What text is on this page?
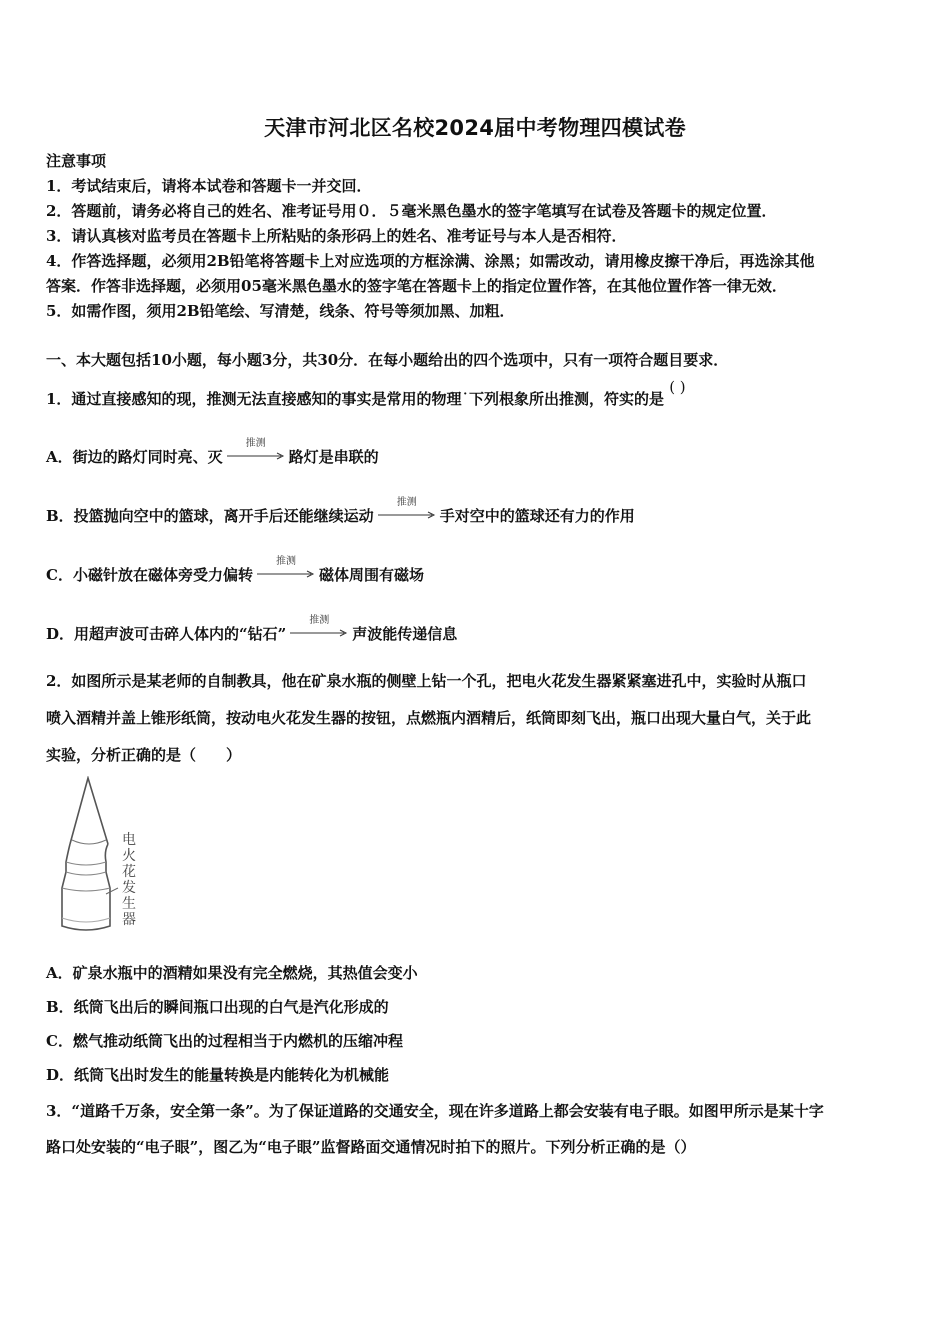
天津市河北区名校2024届中考物理四模试卷
注意事项
1．考试结束后，请将本试卷和答题卡一并交回．
2．答题前，请务必将自己的姓名、准考证号用０．５毫米黑色墨水的签字笔填写在试卷及答题卡的规定位置．
3．请认真核对监考员在答题卡上所粘贴的条形码上的姓名、准考证号与本人是否相符．
4．作答选择题，必须用2B铅笔将答题卡上对应选项的方框涂满、涂黑；如需改动，请用橡皮擦干净后，再选涂其他
答案．作答非选择题，必须用05毫米黑色墨水的签字笔在答题卡上的指定位置作答，在其他位置作答一律无效．
5．如需作图，须用2B铅笔绘、写清楚，线条、符号等须加黑、加粗．
一、本大题包括10小题，每小题3分，共30分．在每小题给出的四个选项中，只有一项符合题目要求．
1．通过直接感知的现，推测无法直接感知的事实是常用的物理˙下列根象所出推测，符实的是 ( )
A．街边的路灯同时亮、灭
推测
路灯是串联的
B．投篮抛向空中的篮球，离开手后还能继续运动
推测
手对空中的篮球还有力的作用
C．小磁针放在磁体旁受力偏转
推测
磁体周围有磁场
D．用超声波可击碎人体内的“钻石”
推测
声波能传递信息
2．如图所示是某老师的自制教具，他在矿泉水瓶的侧壁上钻一个孔，把电火花发生器紧紧塞进孔中，实验时从瓶口
喷入酒精并盖上锥形纸筒，按动电火花发生器的按钮，点燃瓶内酒精后，纸筒即刻飞出，瓶口出现大量白气，关于此
实验，分析正确的是（　　）
电火花发生器
A．矿泉水瓶中的酒精如果没有完全燃烧，其热值会变小
B．纸筒飞出后的瞬间瓶口出现的白气是汽化形成的
C．燃气推动纸筒飞出的过程相当于内燃机的压缩冲程
D．纸筒飞出时发生的能量转换是内能转化为机械能
3．“道路千万条，安全第一条”。为了保证道路的交通安全，现在许多道路上都会安装有电子眼。如图甲所示是某十字
路口处安装的“电子眼”，图乙为“电子眼”监督路面交通情况时拍下的照片。下列分析正确的是（）
